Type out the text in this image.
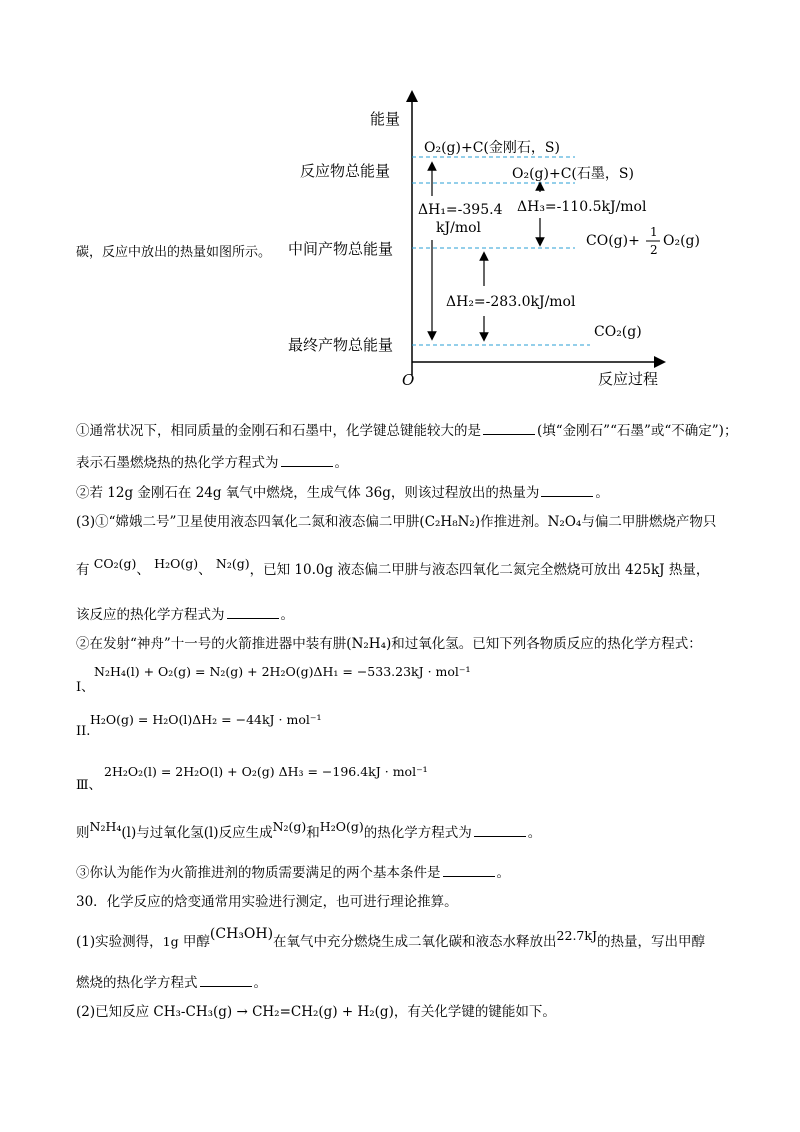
能量
反应过程
O
反应物总能量
中间产物总能量
最终产物总能量
O₂(g)+C(金刚石，S)
O₂(g)+C(石墨，S)
CO(g)+
1
2
O₂(g)
CO₂(g)
ΔH₁=-395.4
kJ/mol
ΔH₃=-110.5kJ/mol
ΔH₂=-283.0kJ/mol
碳，反应中放出的热量如图所示。
①通常状况下，相同质量的金刚石和石墨中，化学键总键能较大的是	(填“金刚石”“石墨”或“不确定”)；
表示石墨燃烧热的热化学方程式为	。
②若 12g 金刚石在 24g 氧气中燃烧，生成气体 36g，则该过程放出的热量为	。
(3)①“嫦娥二号”卫星使用液态四氧化二氮和液态偏二甲肼(C₂H₈N₂)作推进剂。N₂O₄与偏二甲肼燃烧产物只
有 CO₂(g)、 H₂O(g)、 N₂(g)，已知 10.0g 液态偏二甲肼与液态四氧化二氮完全燃烧可放出 425kJ 热量，
该反应的热化学方程式为	。
②在发射“神舟”十一号的火箭推进器中装有肼(N₂H₄)和过氧化氢。已知下列各物质反应的热化学方程式：
I、
N₂H₄(l) + O₂(g) = N₂(g) + 2H₂O(g)ΔH₁ = −533.23kJ · mol⁻¹
II.
H₂O(g) = H₂O(l)ΔH₂ = −44kJ · mol⁻¹
Ⅲ、
2H₂O₂(l) = 2H₂O(l) + O₂(g) ΔH₃ = −196.4kJ · mol⁻¹
则N₂H₄(l)与过氧化氢(l)反应生成N₂(g)和H₂O(g)的热化学方程式为	。
③你认为能作为火箭推进剂的物质需要满足的两个基本条件是	。
30．化学反应的焓变通常用实验进行测定，也可进行理论推算。
(1)实验测得，1g 甲醇(CH₃OH)在氧气中充分燃烧生成二氧化碳和液态水释放出22.7kJ的热量，写出甲醇
燃烧的热化学方程式	。
(2)已知反应 CH₃-CH₃(g) → CH₂=CH₂(g) + H₂(g)，有关化学键的键能如下。
